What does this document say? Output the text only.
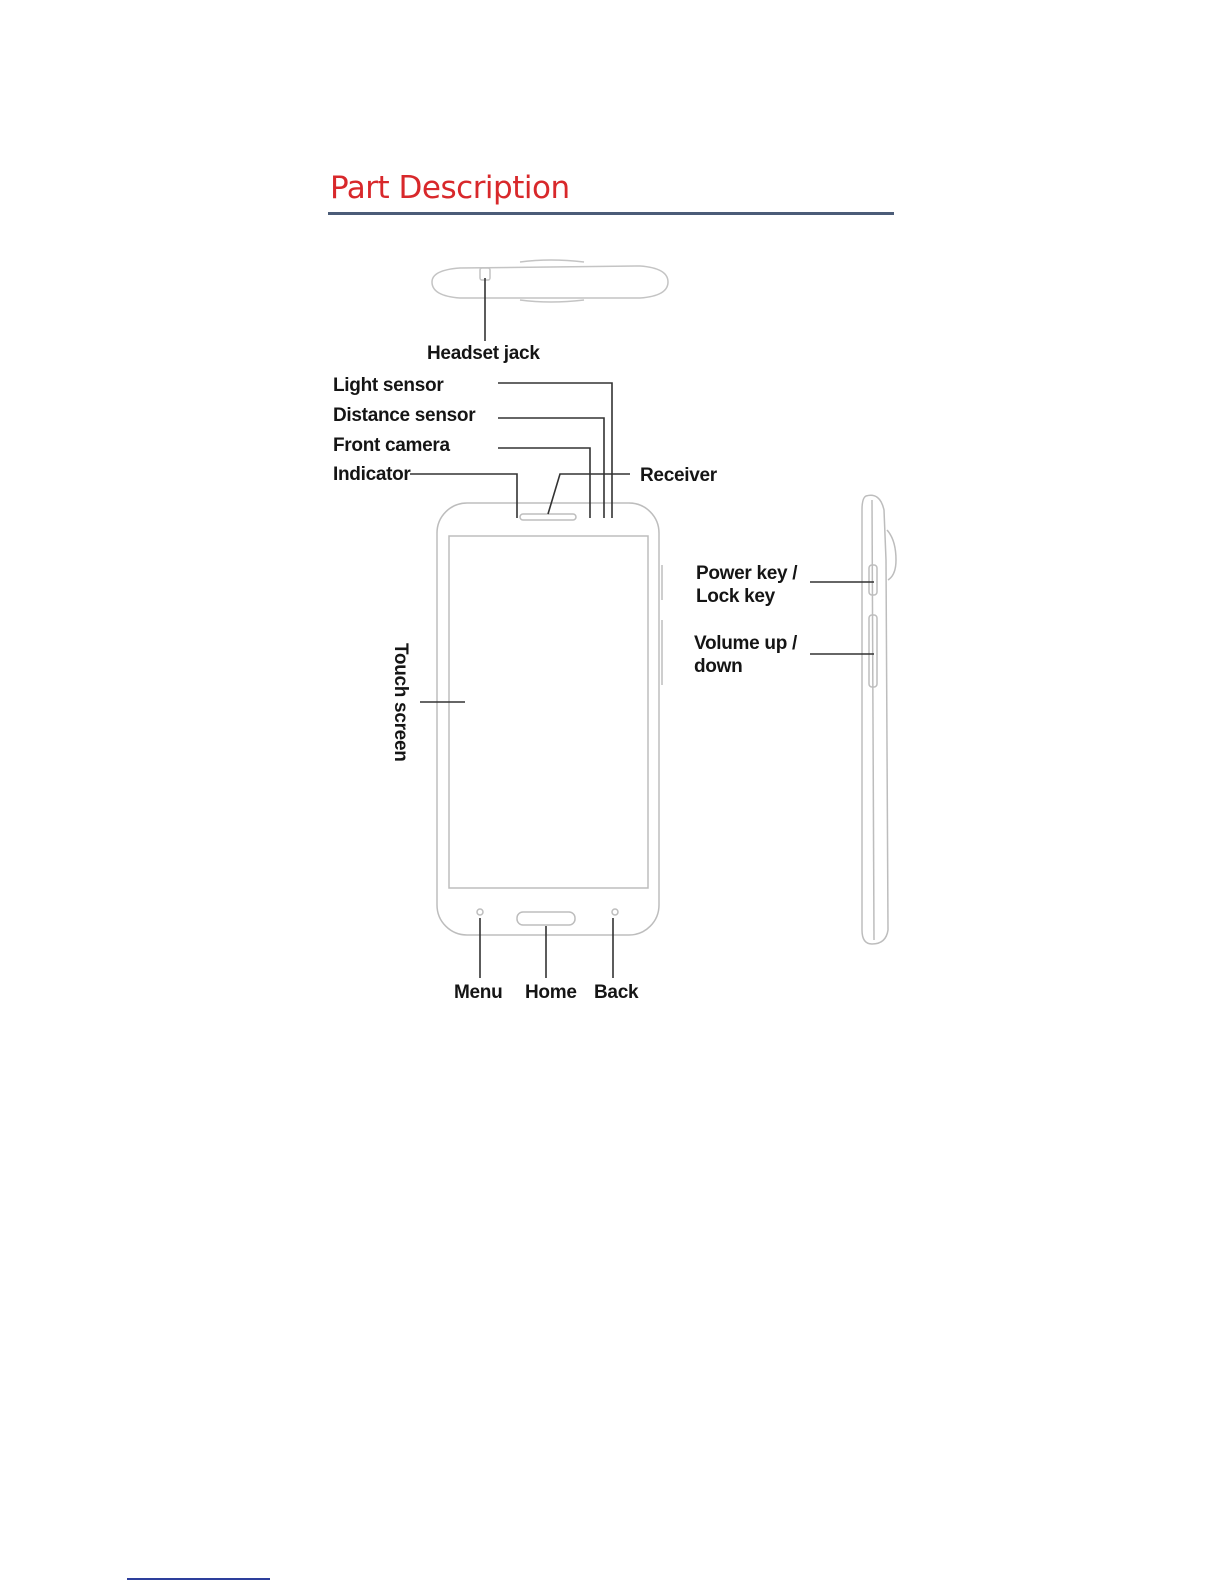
Part Description
Headset jack
Light sensor
Distance sensor
Front camera
Indicator	Receiver
Power key /
Lock key
Volume up /
down
Touch screen
Menu Home Back
